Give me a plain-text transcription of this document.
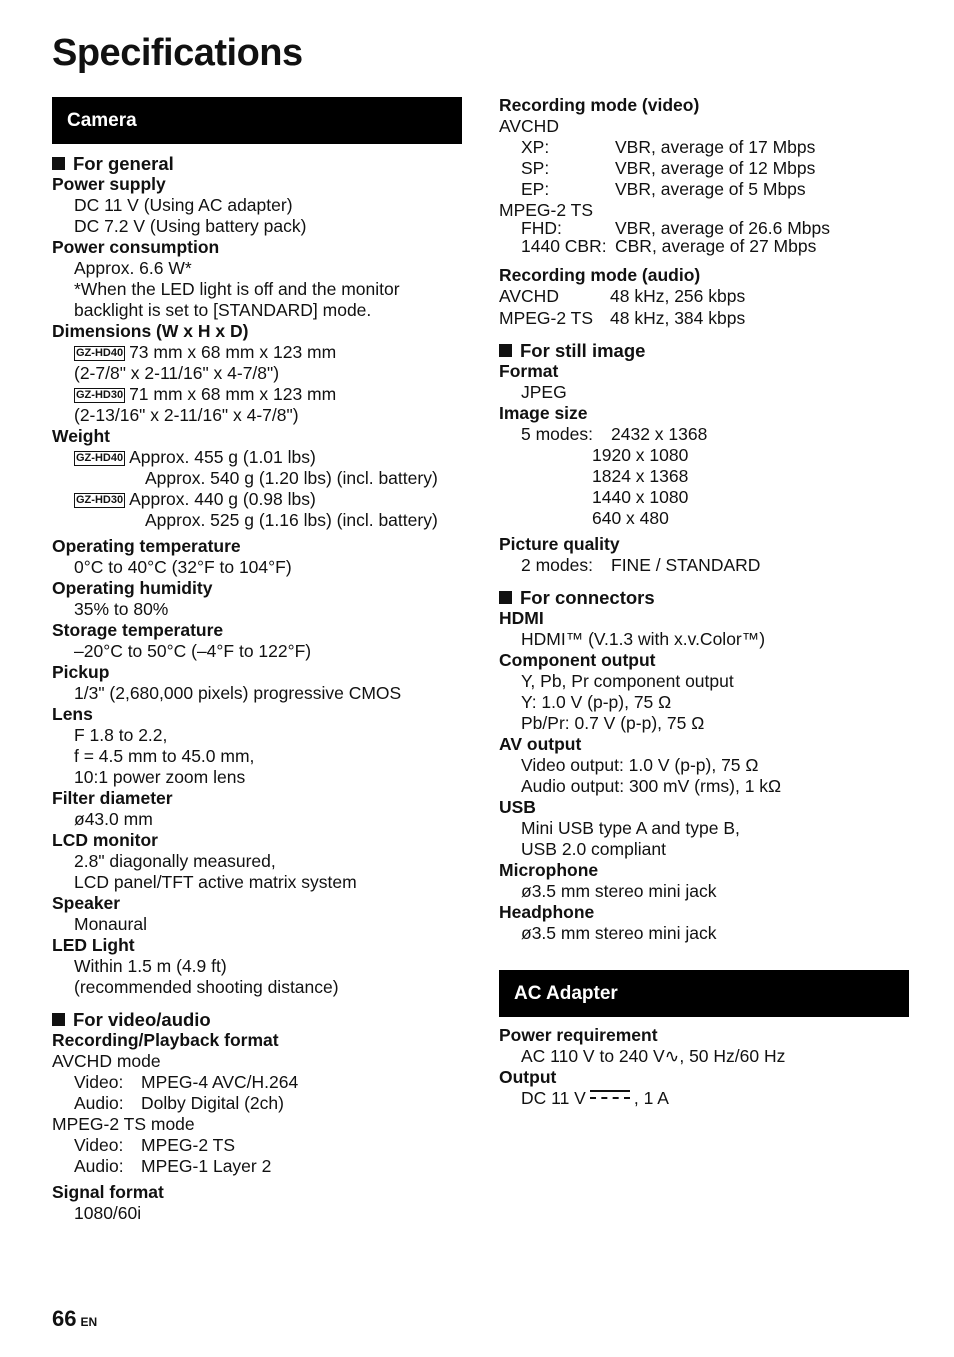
Specifications
Camera
For general
Power supply
DC 11 V (Using AC adapter)
DC 7.2 V (Using battery pack)
Power consumption
Approx. 6.6 W*
*When the LED light is off and the monitor
backlight is set to [STANDARD] mode.
Dimensions (W x H x D)
GZ-HD40 73 mm x 68 mm x 123 mm
(2-7/8" x 2-11/16" x 4-7/8")
GZ-HD30 71 mm x 68 mm x 123 mm
(2-13/16" x 2-11/16" x 4-7/8")
Weight
GZ-HD40 Approx. 455 g (1.01 lbs)
Approx. 540 g (1.20 lbs) (incl. battery)
GZ-HD30 Approx. 440 g (0.98 lbs)
Approx. 525 g (1.16 lbs) (incl. battery)
Operating temperature
0°C to 40°C (32°F to 104°F)
Operating humidity
35% to 80%
Storage temperature
–20°C to 50°C (–4°F to 122°F)
Pickup
1/3" (2,680,000 pixels) progressive CMOS
Lens
F 1.8 to 2.2,
f = 4.5 mm to 45.0 mm,
10:1 power zoom lens
Filter diameter
ø43.0 mm
LCD monitor
2.8" diagonally measured,
LCD panel/TFT active matrix system
Speaker
Monaural
LED Light
Within 1.5 m (4.9 ft)
(recommended shooting distance)
For video/audio
Recording/Playback format
AVCHD mode
Video:	MPEG-4 AVC/H.264
Audio: Dolby Digital (2ch)
MPEG-2 TS mode
Video:	MPEG-2 TS
Audio: MPEG-1 Layer 2
Signal format
1080/60i
Recording mode (video)
AVCHD
XP:	VBR, average of 17 Mbps
SP:	VBR, average of 12 Mbps
EP:	VBR, average of 5 Mbps
MPEG-2 TS
FHD:	VBR, average of 26.6 Mbps
1440 CBR: CBR, average of 27 Mbps
Recording mode (audio)
AVCHD	48 kHz, 256 kbps
MPEG-2 TS 48 kHz, 384 kbps
For still image
Format
JPEG
Image size
5 modes:	2432 x 1368
1920 x 1080
1824 x 1368
1440 x 1080
640 x 480
Picture quality
2 modes:	FINE / STANDARD
For connectors
HDMI
HDMI™ (V.1.3 with x.v.Color™)
Component output
Y, Pb, Pr component output
Y: 1.0 V (p-p), 75 Ω
Pb/Pr: 0.7 V (p-p), 75 Ω
AV output
Video output: 1.0 V (p-p), 75 Ω
Audio output: 300 mV (rms), 1 kΩ
USB
Mini USB type A and type B,
USB 2.0 compliant
Microphone
ø3.5 mm stereo mini jack
Headphone
ø3.5 mm stereo mini jack
AC Adapter
Power requirement
AC 110 V to 240 V∿, 50 Hz/60 Hz
Output
DC 11 V	, 1 A
66 EN
